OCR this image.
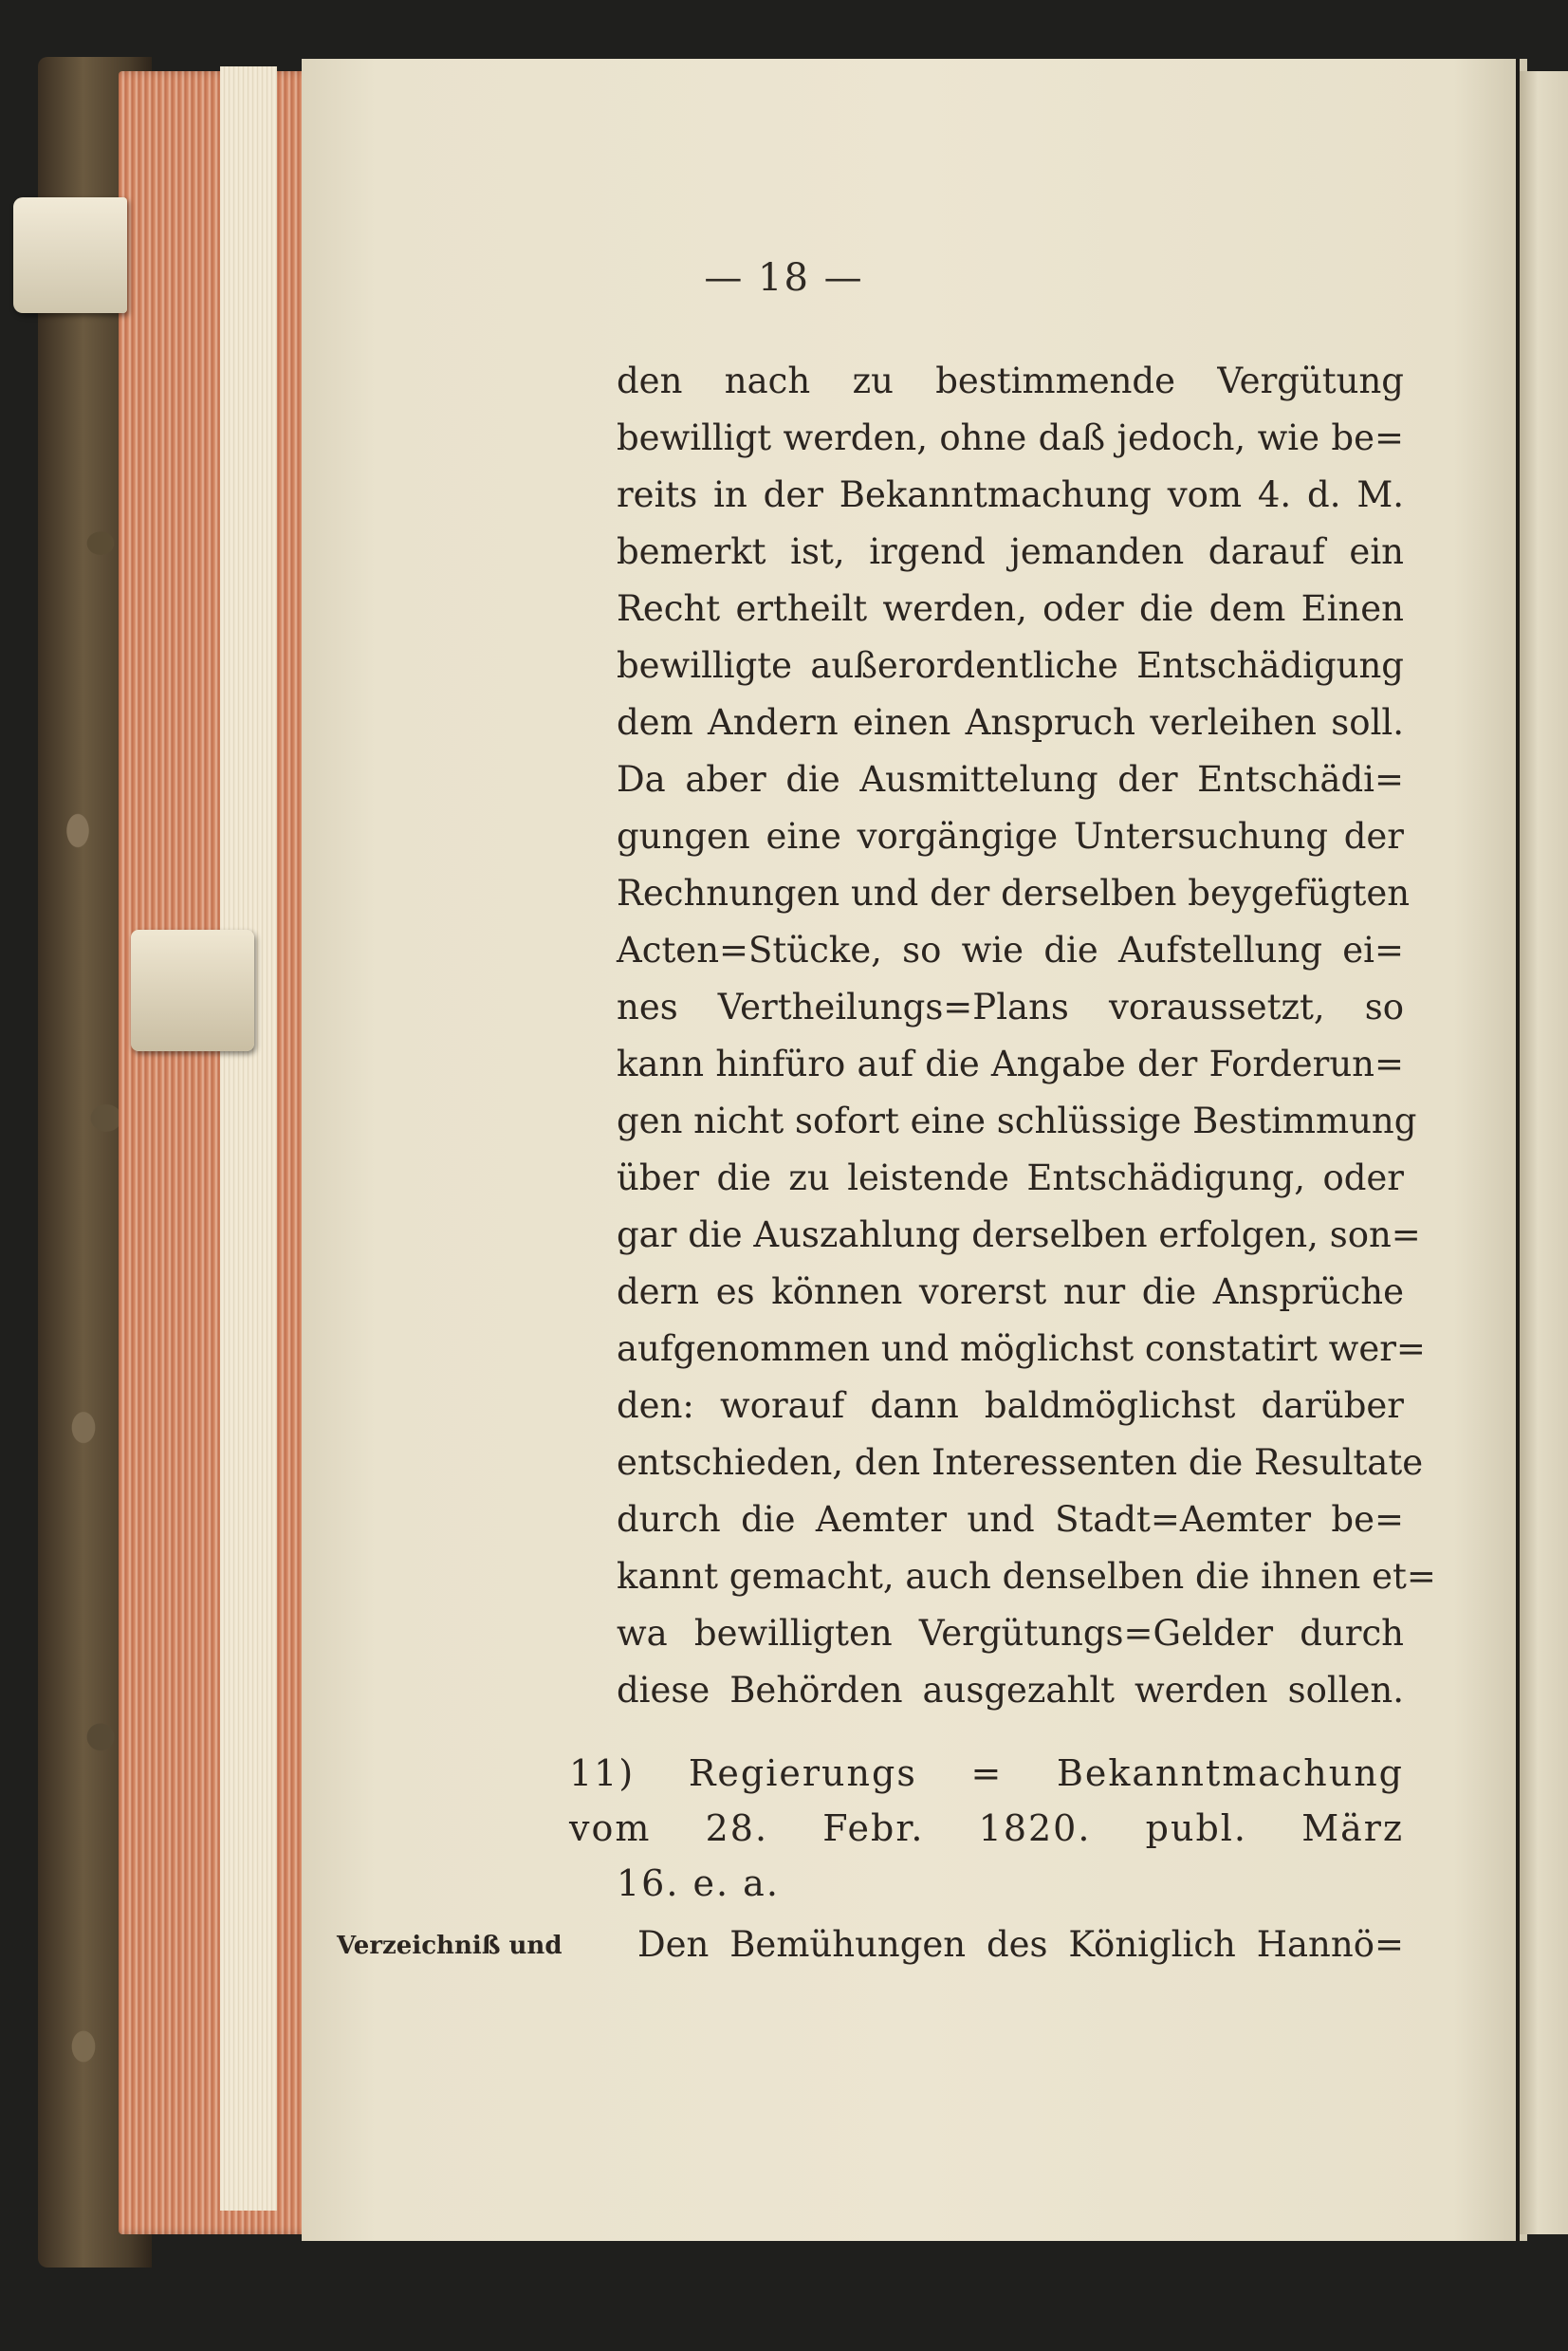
— 18 —
den nach zu bestimmende Vergütung
bewilligt werden, ohne daß jedoch, wie be=
reits in der Bekanntmachung vom 4. d. M.
bemerkt ist, irgend jemanden darauf ein
Recht ertheilt werden, oder die dem Einen
bewilligte außerordentliche Entschädigung
dem Andern einen Anspruch verleihen soll.
Da aber die Ausmittelung der Entschädi=
gungen eine vorgängige Untersuchung der
Rechnungen und der derselben beygefügten
Acten=Stücke, so wie die Aufstellung ei=
nes Vertheilungs=Plans voraussetzt, so
kann hinfüro auf die Angabe der Forderun=
gen nicht sofort eine schlüssige Bestimmung
über die zu leistende Entschädigung, oder
gar die Auszahlung derselben erfolgen, son=
dern es können vorerst nur die Ansprüche
aufgenommen und möglichst constatirt wer=
den: worauf dann baldmöglichst darüber
entschieden, den Interessenten die Resultate
durch die Aemter und Stadt=Aemter be=
kannt gemacht, auch denselben die ihnen et=
wa bewilligten Vergütungs=Gelder durch
diese Behörden ausgezahlt werden sollen.
11) Regierungs = Bekanntmachung
vom 28. Febr. 1820. publ. März
16. e. a.
Verzeichniß und Den Bemühungen des Königlich Hannö=
